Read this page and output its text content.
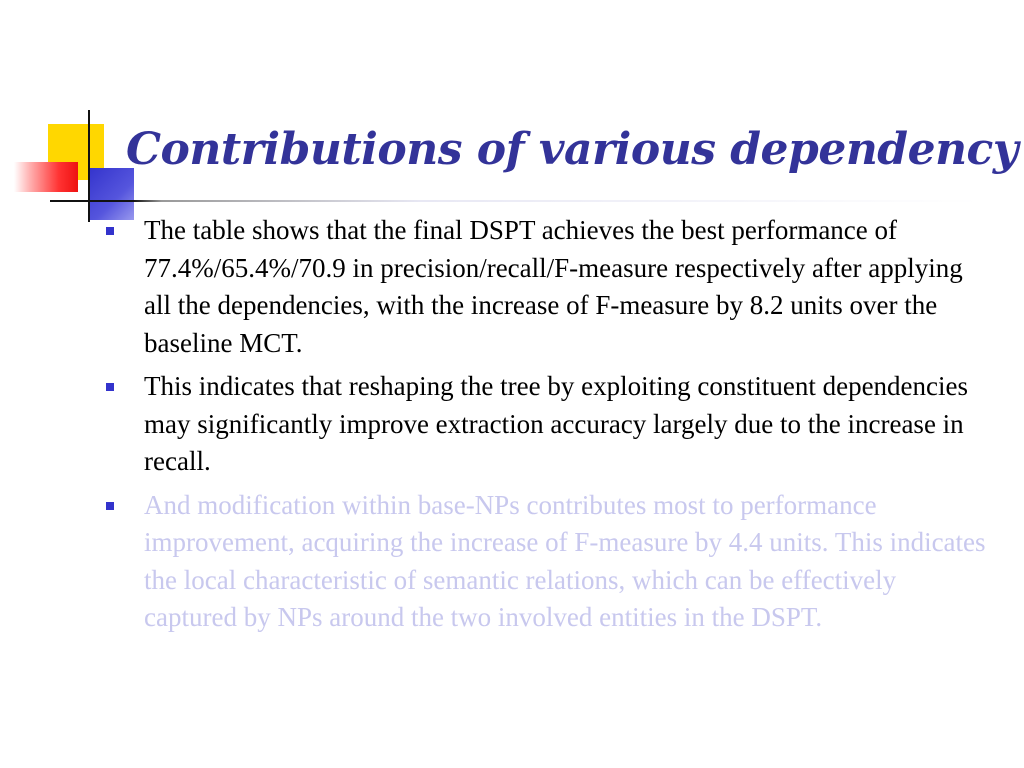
Contributions of various dependency
The table shows that the final DSPT achieves the best performance of 77.4%/65.4%/70.9 in precision/recall/F-measure respectively after applying all the dependencies, with the increase of F-measure by 8.2 units over the baseline MCT.
This indicates that reshaping the tree by exploiting constituent dependencies may significantly improve extraction accuracy largely due to the increase in recall.
And modification within base-NPs contributes most to performance improvement, acquiring the increase of F-measure by 4.4 units. This indicates the local characteristic of semantic relations, which can be effectively captured by NPs around the two involved entities in the DSPT.
